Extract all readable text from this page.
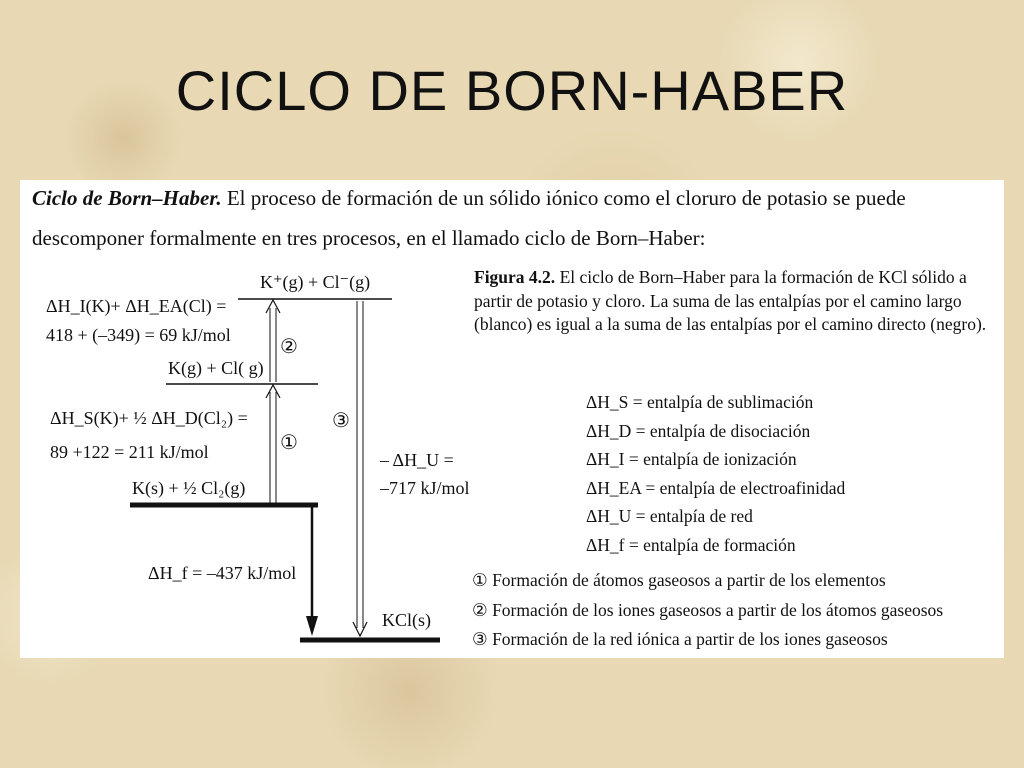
CICLO DE BORN-HABER
Ciclo de Born–Haber. El proceso de formación de un sólido iónico como el cloruro de potasio se puede
descomponer formalmente en tres procesos, en el llamado ciclo de Born–Haber:
K⁺(g) + Cl⁻(g)
K(g) + Cl( g)
K(s) + ½ Cl₂(g)
KCl(s)
ΔH_I(K)+ ΔH_EA(Cl) =
418 + (–349) = 69 kJ/mol
ΔH_S(K)+ ½ ΔH_D(Cl₂) =
89 +122 = 211 kJ/mol	– ΔH_U =
–717 kJ/mol
ΔH_f = –437 kJ/mol
①
②
③
Figura 4.2. El ciclo de Born–Haber para la formación de KCl sólido a partir de potasio y cloro. La suma de las entalpías por el camino largo (blanco) es igual a la suma de las entalpías por el camino directo (negro).
ΔH_S = entalpía de sublimación
ΔH_D = entalpía de disociación
ΔH_I = entalpía de ionización
ΔH_EA = entalpía de electroafinidad
ΔH_U = entalpía de red
ΔH_f = entalpía de formación
① Formación de átomos gaseosos a partir de los elementos
② Formación de los iones gaseosos a partir de los átomos gaseosos
③ Formación de la red iónica a partir de los iones gaseosos
